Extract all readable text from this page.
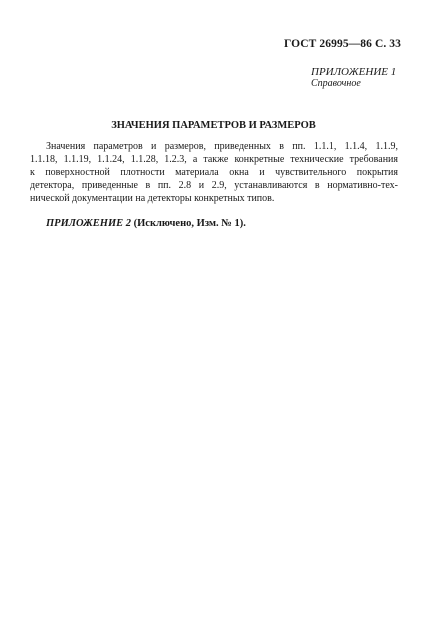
ГОСТ 26995—86 С. 33
ПРИЛОЖЕНИЕ 1
Справочное
ЗНАЧЕНИЯ ПАРАМЕТРОВ И РАЗМЕРОВ
Значения параметров и размеров, приведенных в пп. 1.1.1, 1.1.4, 1.1.9,
1.1.18, 1.1.19, 1.1.24, 1.1.28, 1.2.3, а также конкретные технические требования
к поверхностной плотности материала окна и чувствительного покрытия
детектора, приведенные в пп. 2.8 и 2.9, устанавливаются в нормативно-тех-
нической документации на детекторы конкретных типов.
ПРИЛОЖЕНИЕ 2 (Исключено, Изм. № 1).
